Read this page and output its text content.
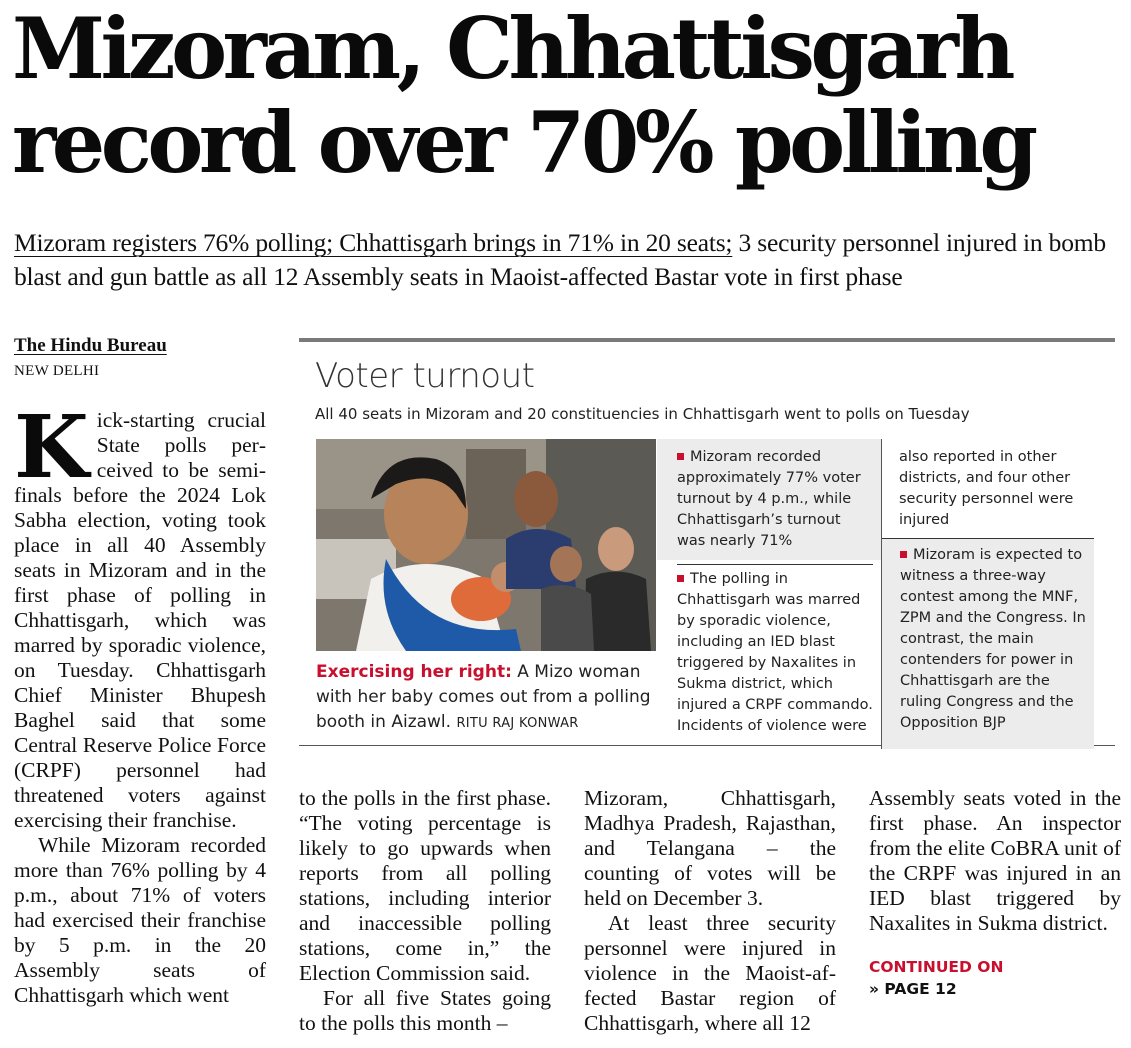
Mizoram, Chhattisgarh
record over 70% polling
Mizoram registers 76% polling; Chhattisgarh brings in 71% in 20 seats; 3 security personnel injured in bomb blast and gun battle as all 12 Assembly seats in Maoist-affected Bastar vote in first phase
The Hindu Bureau
NEW DELHI

Kick-starting crucial State polls perceived to be semi-finals before the 2024 Lok Sabha election, voting took place in all 40 Assembly seats in Mizoram and in the first phase of polling in Chhattisgarh, which was marred by sporadic violence, on Tuesday. Chhattisgarh Chief Minister Bhupesh Baghel said that some Central Reserve Police Force (CRPF) personnel had threatened voters against exercising their franchise.

While Mizoram recorded more than 76% polling by 4 p.m., about 71% of voters had exercised their franchise by 5 p.m. in the 20 Assembly seats of Chhattisgarh which went

to the polls in the first phase. “The voting percentage is likely to go upwards when reports from all polling stations, including interior and inaccessible polling stations, come in,” the Election Commission said.

For all five States going to the polls this month –

Mizoram, Chhattisgarh, Madhya Pradesh, Rajasthan, and Telangana – the counting of votes will be held on December 3.

At least three security personnel were injured in violence in the Maoist-affected Bastar region of Chhattisgarh, where all 12

Assembly seats voted in the first phase. An inspector from the elite CoBRA unit of the CRPF was injured in an IED blast triggered by Naxalites in Sukma district.

CONTINUED ON
» PAGE 12
Voter turnout
All 40 seats in Mizoram and 20 constituencies in Chhattisgarh went to polls on Tuesday
Exercising her right: A Mizo woman with her baby comes out from a polling booth in Aizawl. RITU RAJ KONWAR
Mizoram recorded approximately 77% voter turnout by 4 p.m., while Chhattisgarh’s turnout was nearly 71%
The polling in Chhattisgarh was marred by sporadic violence, including an IED blast triggered by Naxalites in Sukma district, which injured a CRPF commando. Incidents of violence were
also reported in other districts, and four other security personnel were injured
Mizoram is expected to witness a three-way contest among the MNF, ZPM and the Congress. In contrast, the main contenders for power in Chhattisgarh are the ruling Congress and the Opposition BJP
